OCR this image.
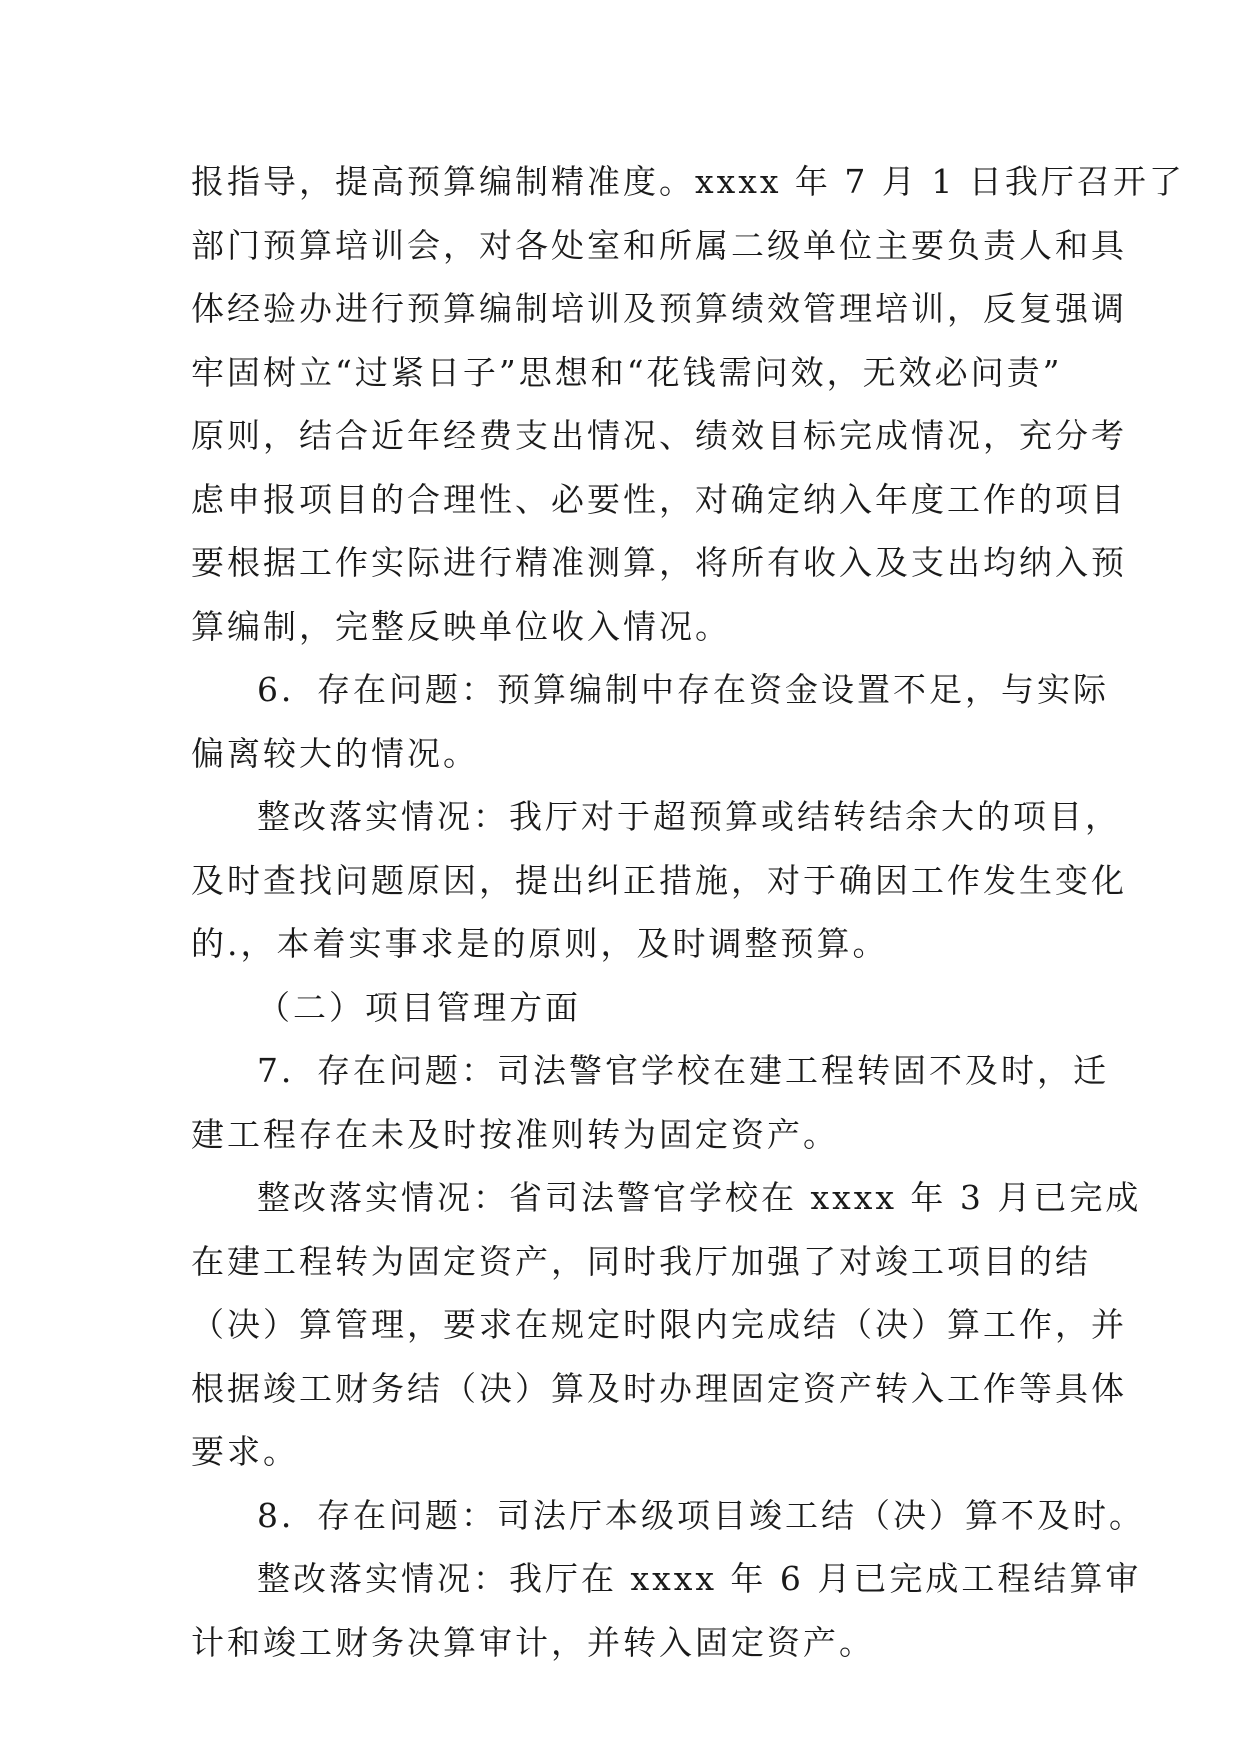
报指导，提高预算编制精准度。xxxx 年 7 月 1 日我厅召开了
部门预算培训会，对各处室和所属二级单位主要负责人和具
体经验办进行预算编制培训及预算绩效管理培训，反复强调
牢固树立“过紧日子”思想和“花钱需问效，无效必问责”
原则，结合近年经费支出情况、绩效目标完成情况，充分考
虑申报项目的合理性、必要性，对确定纳入年度工作的项目
要根据工作实际进行精准测算，将所有收入及支出均纳入预
算编制，完整反映单位收入情况。
6．存在问题：预算编制中存在资金设置不足，与实际
偏离较大的情况。
整改落实情况：我厅对于超预算或结转结余大的项目，
及时查找问题原因，提出纠正措施，对于确因工作发生变化
的.，本着实事求是的原则，及时调整预算。
（二）项目管理方面
7．存在问题：司法警官学校在建工程转固不及时，迁
建工程存在未及时按准则转为固定资产。
整改落实情况：省司法警官学校在 xxxx 年 3 月已完成
在建工程转为固定资产，同时我厅加强了对竣工项目的结
（决）算管理，要求在规定时限内完成结（决）算工作，并
根据竣工财务结（决）算及时办理固定资产转入工作等具体
要求。
8．存在问题：司法厅本级项目竣工结（决）算不及时。
整改落实情况：我厅在 xxxx 年 6 月已完成工程结算审
计和竣工财务决算审计，并转入固定资产。
